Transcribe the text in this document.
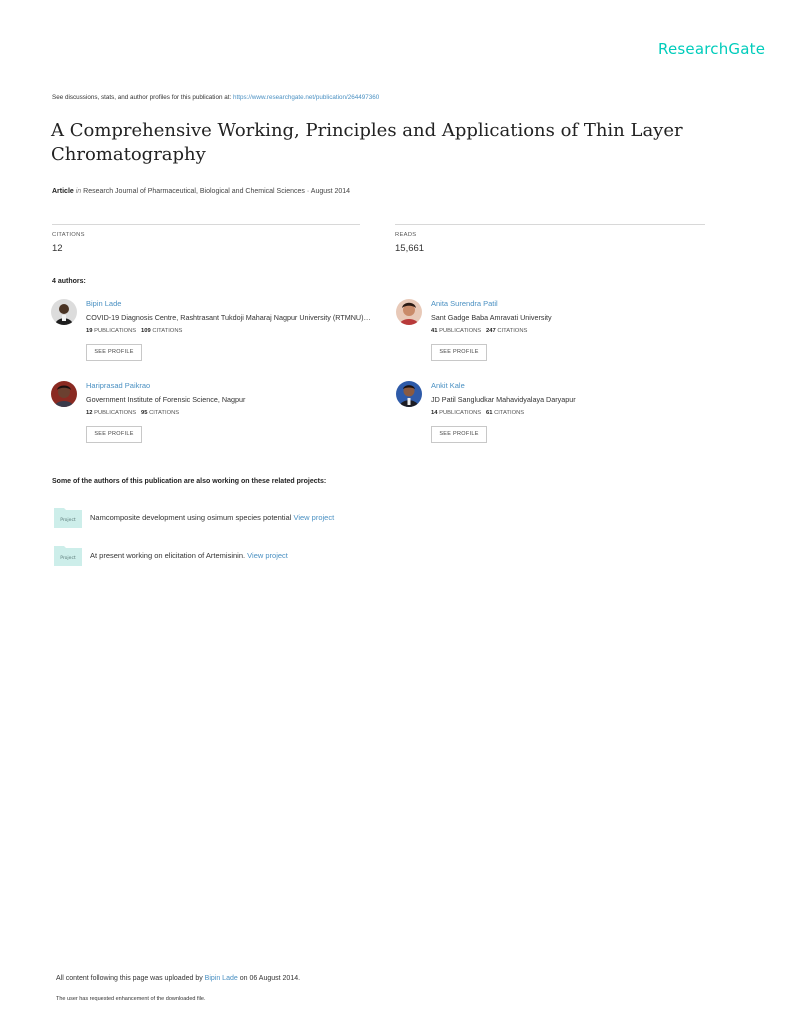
ResearchGate
See discussions, stats, and author profiles for this publication at: https://www.researchgate.net/publication/264497360
A Comprehensive Working, Principles and Applications of Thin Layer Chromatography
Article in Research Journal of Pharmaceutical, Biological and Chemical Sciences · August 2014
CITATIONS
12
READS
15,661
4 authors:
Bipin Lade
COVID-19 Diagnosis Centre, Rashtrasant Tukdoji Maharaj Nagpur University (RTMNU)…
19 PUBLICATIONS 109 CITATIONS
SEE PROFILE
Anita Surendra Patil
Sant Gadge Baba Amravati University
41 PUBLICATIONS 247 CITATIONS
SEE PROFILE
Hariprasad Paikrao
Government Institute of Forensic Science, Nagpur
12 PUBLICATIONS 95 CITATIONS
SEE PROFILE
Ankit Kale
JD Patil Sangludkar Mahavidyalaya Daryapur
14 PUBLICATIONS 61 CITATIONS
SEE PROFILE
Some of the authors of this publication are also working on these related projects:
Project Namcomposite development using osimum species potential View project
Project At present working on elicitation of Artemisinin. View project
All content following this page was uploaded by Bipin Lade on 06 August 2014.
The user has requested enhancement of the downloaded file.
